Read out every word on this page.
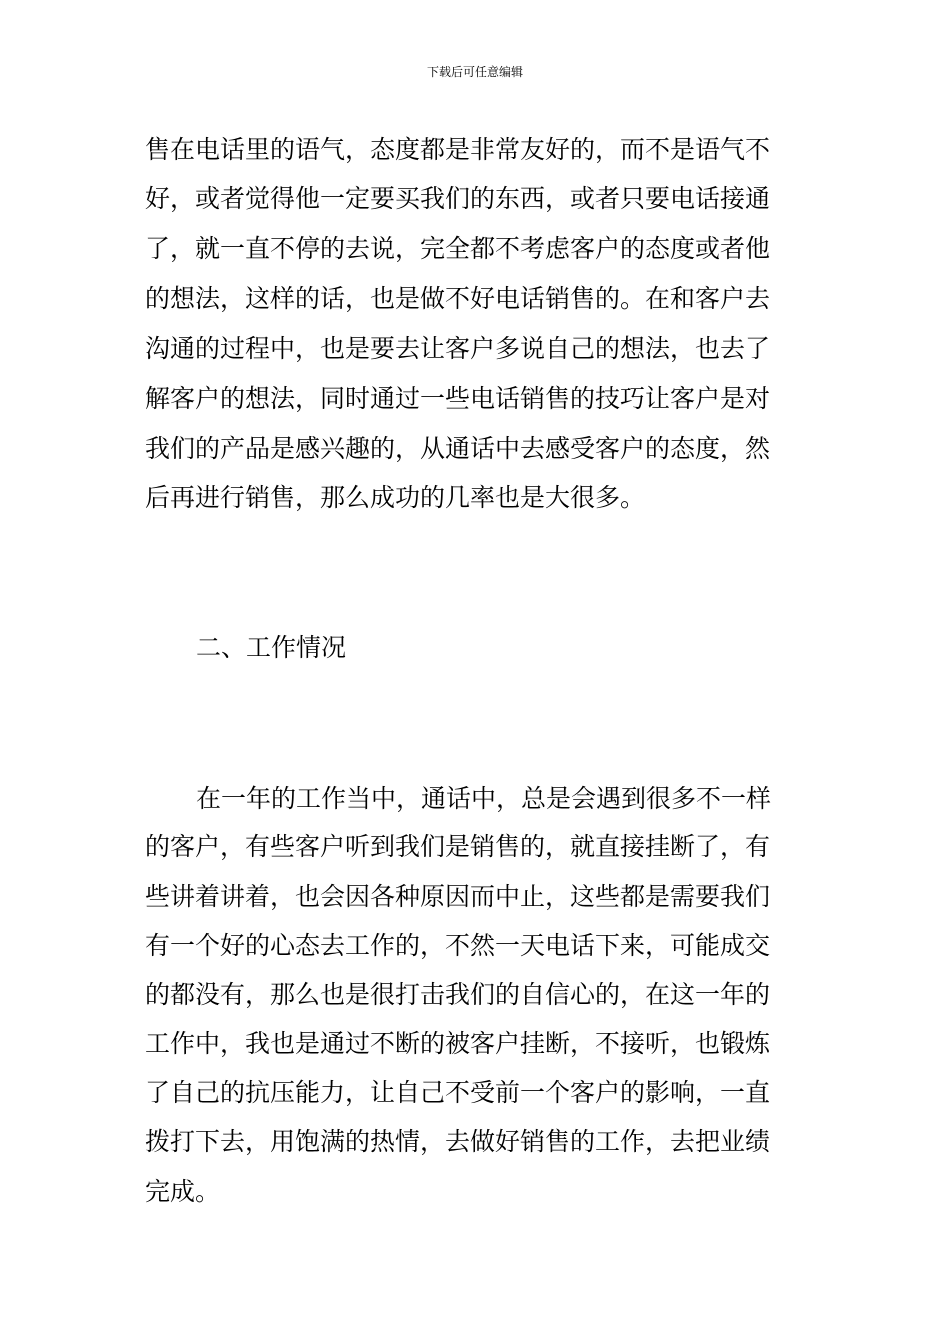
下载后可任意编辑
售在电话里的语气，态度都是非常友好的，而不是语气不
好，或者觉得他一定要买我们的东西，或者只要电话接通
了，就一直不停的去说，完全都不考虑客户的态度或者他
的想法，这样的话，也是做不好电话销售的。在和客户去
沟通的过程中，也是要去让客户多说自己的想法，也去了
解客户的想法，同时通过一些电话销售的技巧让客户是对
我们的产品是感兴趣的，从通话中去感受客户的态度，然
后再进行销售，那么成功的几率也是大很多。
二、工作情况
在一年的工作当中，通话中，总是会遇到很多不一样
的客户，有些客户听到我们是销售的，就直接挂断了，有
些讲着讲着，也会因各种原因而中止，这些都是需要我们
有一个好的心态去工作的，不然一天电话下来，可能成交
的都没有，那么也是很打击我们的自信心的，在这一年的
工作中，我也是通过不断的被客户挂断，不接听，也锻炼
了自己的抗压能力，让自己不受前一个客户的影响，一直
拨打下去，用饱满的热情，去做好销售的工作，去把业绩
完成。
